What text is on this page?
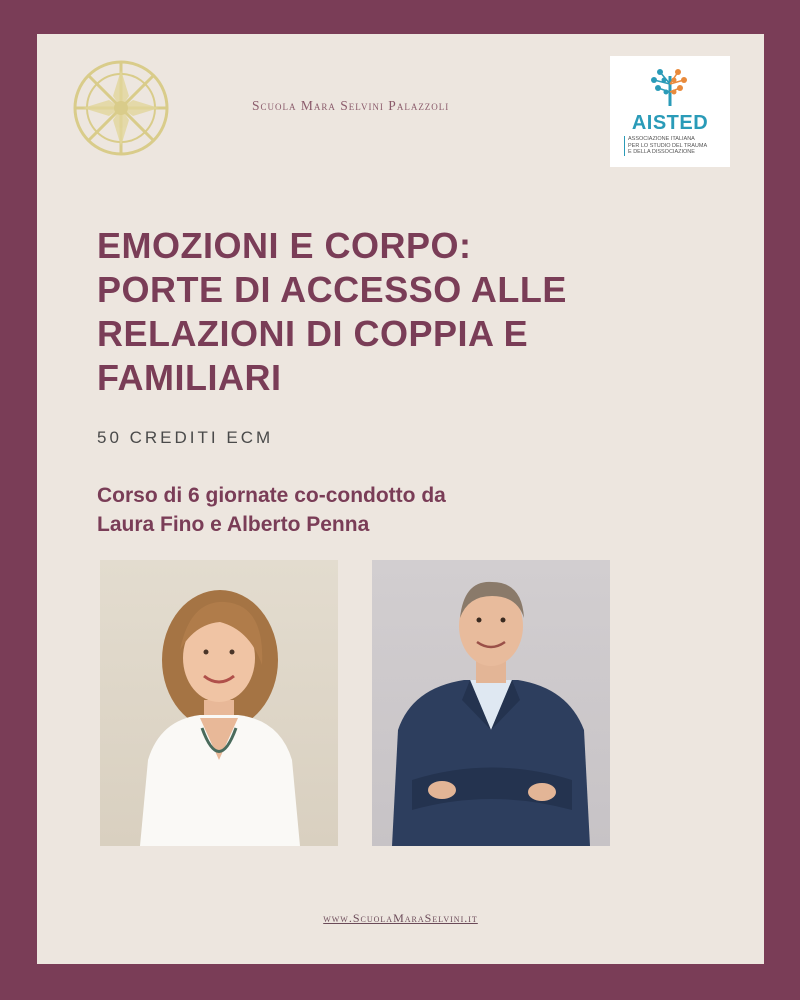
Scuola Mara Selvini Palazzoli
AISTED
ASSOCIAZIONE ITALIANA
PER LO STUDIO DEL TRAUMA
E DELLA DISSOCIAZIONE
EMOZIONI E CORPO:
PORTE DI ACCESSO ALLE
RELAZIONI DI COPPIA E
FAMILIARI
50 CREDITI ECM
Corso di 6 giornate co-condotto da
Laura Fino e Alberto Penna
www.ScuolaMaraSelvini.it
